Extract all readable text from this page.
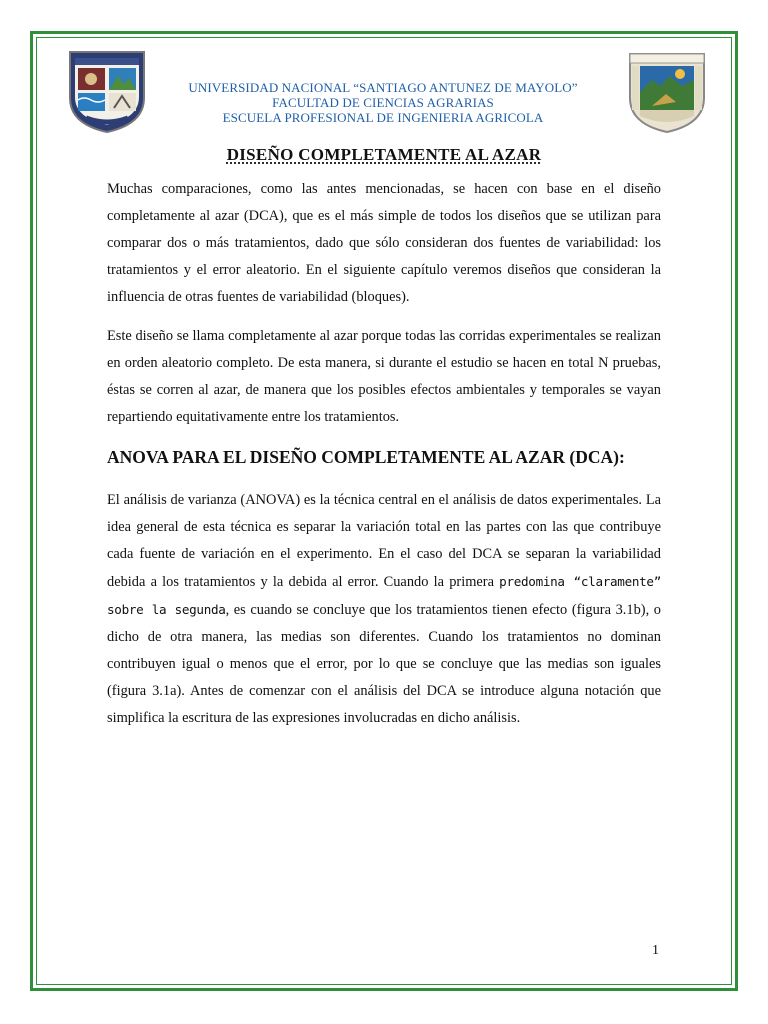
UNIVERSIDAD NACIONAL “SANTIAGO ANTUNEZ DE MAYOLO”
FACULTAD DE CIENCIAS AGRARIAS
ESCUELA PROFESIONAL DE INGENIERIA AGRICOLA
DISEÑO COMPLETAMENTE AL AZAR

Muchas comparaciones, como las antes mencionadas, se hacen con base en el diseño completamente al azar (DCA), que es el más simple de todos los diseños que se utilizan para comparar dos o más tratamientos, dado que sólo consideran dos fuentes de variabilidad: los tratamientos y el error aleatorio. En el siguiente capítulo veremos diseños que consideran la influencia de otras fuentes de variabilidad (bloques).

Este diseño se llama completamente al azar porque todas las corridas experimentales se realizan en orden aleatorio completo. De esta manera, si durante el estudio se hacen en total N pruebas, éstas se corren al azar, de manera que los posibles efectos ambientales y temporales se vayan repartiendo equitativamente entre los tratamientos.

ANOVA PARA EL DISEÑO COMPLETAMENTE AL AZAR (DCA):

El análisis de varianza (ANOVA) es la técnica central en el análisis de datos experimentales. La idea general de esta técnica es separar la variación total en las partes con las que contribuye cada fuente de variación en el experimento. En el caso del DCA se separan la variabilidad debida a los tratamientos y la debida al error. Cuando la primera predomina “claramente” sobre la segunda, es cuando se concluye que los tratamientos tienen efecto (figura 3.1b), o dicho de otra manera, las medias son diferentes. Cuando los tratamientos no dominan contribuyen igual o menos que el error, por lo que se concluye que las medias son iguales (figura 3.1a). Antes de comenzar con el análisis del DCA se introduce alguna notación que simplifica la escritura de las expresiones involucradas en dicho análisis.

1
